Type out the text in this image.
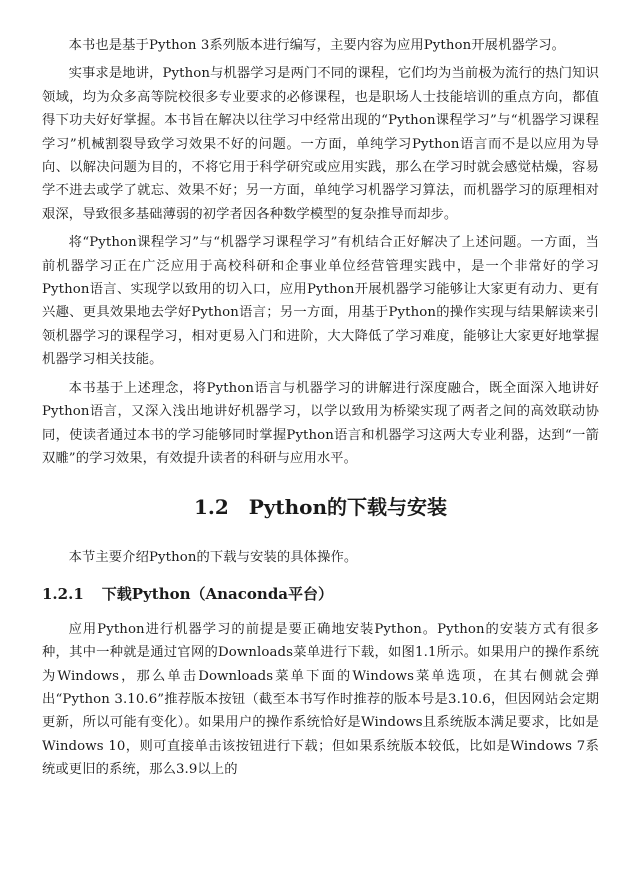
本书也是基于Python 3系列版本进行编写，主要内容为应用Python开展机器学习。

实事求是地讲，Python与机器学习是两门不同的课程，它们均为当前极为流行的热门知识领域，均为众多高等院校很多专业要求的必修课程，也是职场人士技能培训的重点方向，都值得下功夫好好掌握。本书旨在解决以往学习中经常出现的“Python课程学习”与“机器学习课程学习”机械割裂导致学习效果不好的问题。一方面，单纯学习Python语言而不是以应用为导向、以解决问题为目的，不将它用于科学研究或应用实践，那么在学习时就会感觉枯燥，容易学不进去或学了就忘、效果不好；另一方面，单纯学习机器学习算法，而机器学习的原理相对艰深，导致很多基础薄弱的初学者因各种数学模型的复杂推导而却步。

将“Python课程学习”与“机器学习课程学习”有机结合正好解决了上述问题。一方面，当前机器学习正在广泛应用于高校科研和企事业单位经营管理实践中，是一个非常好的学习Python语言、实现学以致用的切入口，应用Python开展机器学习能够让大家更有动力、更有兴趣、更具效果地去学好Python语言；另一方面，用基于Python的操作实现与结果解读来引领机器学习的课程学习，相对更易入门和进阶，大大降低了学习难度，能够让大家更好地掌握机器学习相关技能。

本书基于上述理念，将Python语言与机器学习的讲解进行深度融合，既全面深入地讲好Python语言，又深入浅出地讲好机器学习，以学以致用为桥梁实现了两者之间的高效联动协同，使读者通过本书的学习能够同时掌握Python语言和机器学习这两大专业利器，达到“一箭双雕”的学习效果，有效提升读者的科研与应用水平。

1.2 Python的下载与安装

本节主要介绍Python的下载与安装的具体操作。

1.2.1 下载Python（Anaconda平台）

应用Python进行机器学习的前提是要正确地安装Python。Python的安装方式有很多种，其中一种就是通过官网的Downloads菜单进行下载，如图1.1所示。如果用户的操作系统为Windows，那么单击Downloads菜单下面的Windows菜单选项，在其右侧就会弹出“Python 3.10.6”推荐版本按钮（截至本书写作时推荐的版本号是3.10.6，但因网站会定期更新，所以可能有变化）。如果用户的操作系统恰好是Windows且系统版本满足要求，比如是Windows 10，则可直接单击该按钮进行下载；但如果系统版本较低，比如是Windows 7系统或更旧的系统，那么3.9以上的
